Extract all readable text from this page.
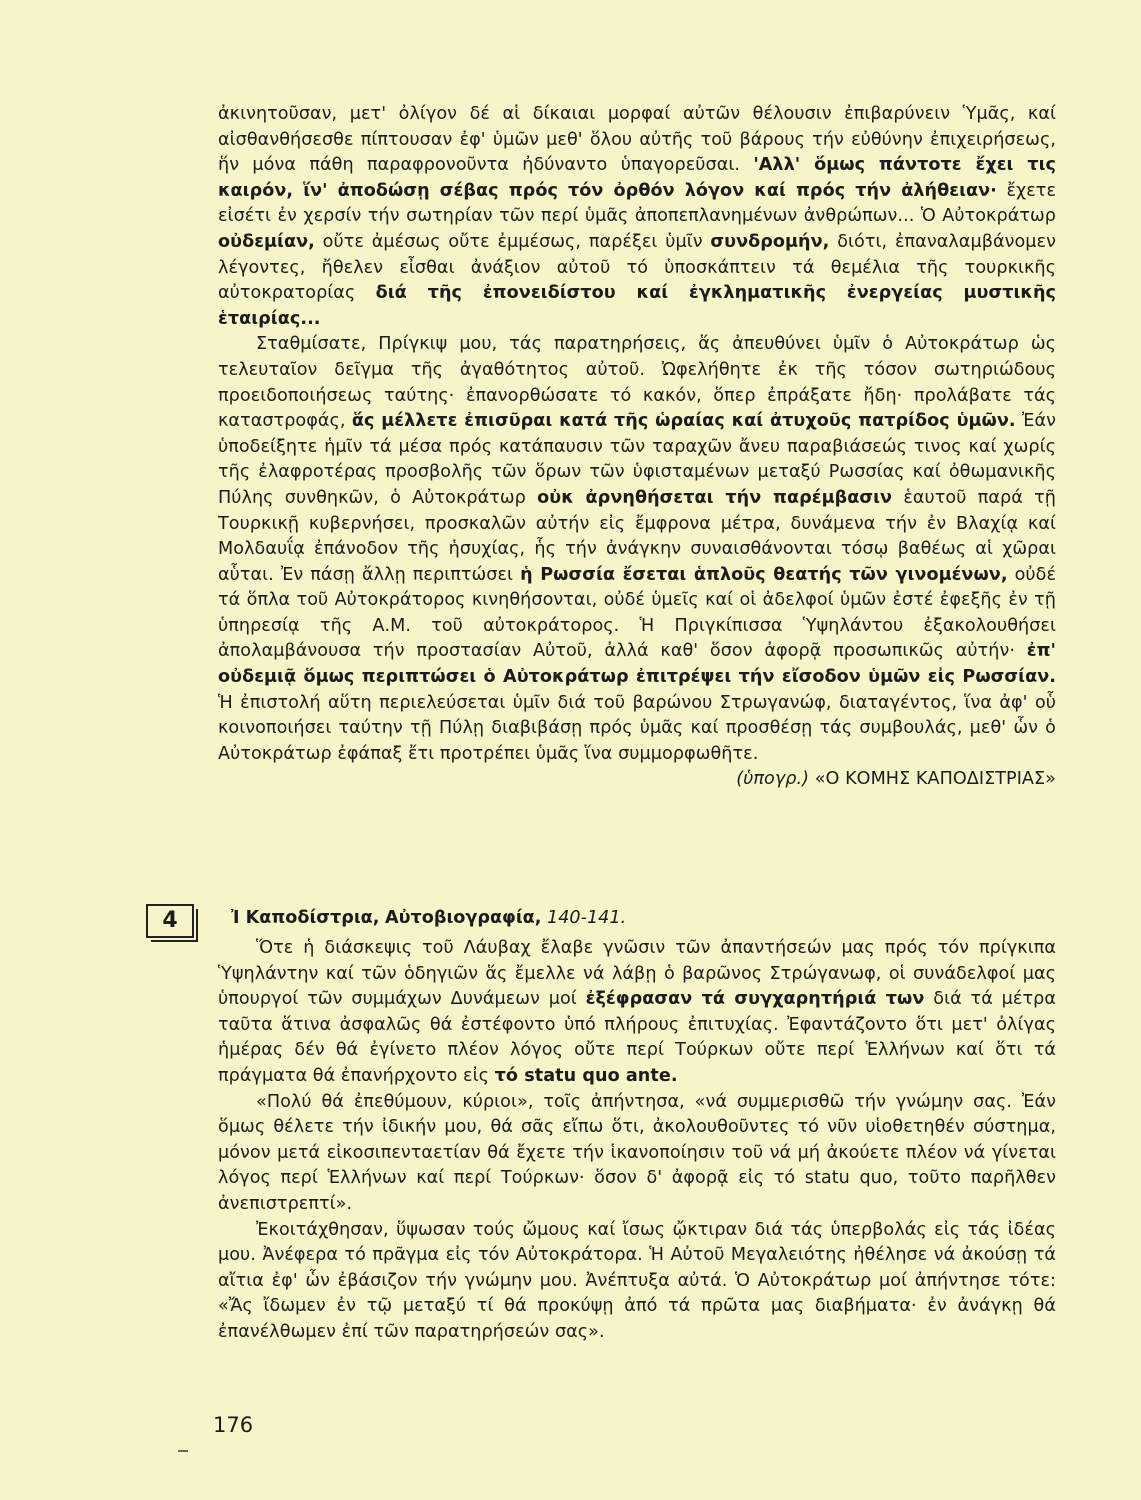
ἀκινητοῦσαν, μετ' ὀλίγον δέ αἱ δίκαιαι μορφαί αὐτῶν θέλουσιν ἐπιβαρύνειν Ὑμᾶς, καί αἰσθανθήσεσθε πίπτουσαν ἐφ' ὑμῶν μεθ' ὅλου αὐτῆς τοῦ βάρους τήν εὐθύνην ἐπιχειρήσεως, ἥν μόνα πάθη παραφρονοῦντα ἠδύναντο ὑπαγορεῦσαι. 'Αλλ' ὅμως πάντοτε ἔχει τις καιρόν, ἵν' ἀποδώσῃ σέβας πρός τόν ὀρθόν λόγον καί πρός τήν ἀλήθειαν· ἔχετε εἰσέτι ἐν χερσίν τήν σωτηρίαν τῶν περί ὑμᾶς ἀποπεπλανημένων ἀνθρώπων... Ὁ Αὐτοκράτωρ οὐδεμίαν, οὔτε ἀμέσως οὔτε ἐμμέσως, παρέξει ὑμῖν συνδρομήν, διότι, ἐπαναλαμβάνομεν λέγοντες, ἤθελεν εἶσθαι ἀνάξιον αὐτοῦ τό ὑποσκάπτειν τά θεμέλια τῆς τουρκικῆς αὐτοκρατορίας διά τῆς ἐπονειδίστου καί ἐγκληματικῆς ἐνεργείας μυστικῆς ἑταιρίας...

Σταθμίσατε, Πρίγκιψ μου, τάς παρατηρήσεις, ἅς ἀπευθύνει ὑμῖν ὁ Αὐτοκράτωρ ὡς τελευταῖον δεῖγμα τῆς ἀγαθότητος αὐτοῦ. Ὠφελήθητε ἐκ τῆς τόσον σωτηριώδους προειδοποιήσεως ταύτης· ἐπανορθώσατε τό κακόν, ὅπερ ἐπράξατε ἤδη· προλάβατε τάς καταστροφάς, ἅς μέλλετε ἐπισῦραι κατά τῆς ὡραίας καί ἀτυχοῦς πατρίδος ὑμῶν. Ἐάν ὑποδείξητε ἡμῖν τά μέσα πρός κατάπαυσιν τῶν ταραχῶν ἄνευ παραβιάσεώς τινος καί χωρίς τῆς ἐλαφροτέρας προσβολῆς τῶν ὅρων τῶν ὑφισταμένων μεταξύ Ρωσσίας καί ὀθωμανικῆς Πύλης συνθηκῶν, ὁ Αὐτοκράτωρ οὐκ ἀρνηθήσεται τήν παρέμβασιν ἑαυτοῦ παρά τῇ Τουρκικῇ κυβερνήσει, προσκαλῶν αὐτήν εἰς ἔμφρονα μέτρα, δυνάμενα τήν ἐν Βλαχίᾳ καί Μολδαυΐᾳ ἐπάνοδον τῆς ἡσυχίας, ἧς τήν ἀνάγκην συναισθάνονται τόσῳ βαθέως αἱ χῶραι αὗται. Ἐν πάσῃ ἄλλῃ περιπτώσει ἡ Ρωσσία ἔσεται ἁπλοῦς θεατής τῶν γινομένων, οὐδέ τά ὅπλα τοῦ Αὐτοκράτορος κινηθήσονται, οὐδέ ὑμεῖς καί οἱ ἀδελφοί ὑμῶν ἐστέ ἐφεξῆς ἐν τῇ ὑπηρεσίᾳ τῆς Α.Μ. τοῦ αὐτοκράτορος. Ἡ Πριγκίπισσα Ὑψηλάντου ἐξακολουθήσει ἀπολαμβάνουσα τήν προστασίαν Αὐτοῦ, ἀλλά καθ' ὅσον ἀφορᾷ προσωπικῶς αὐτήν· ἐπ' οὐδεμιᾷ ὅμως περιπτώσει ὁ Αὐτοκράτωρ ἐπιτρέψει τήν εἴσοδον ὑμῶν εἰς Ρωσσίαν. Ἡ ἐπιστολή αὕτη περιελεύσεται ὑμῖν διά τοῦ βαρώνου Στρωγανώφ, διαταγέντος, ἵνα ἀφ' οὗ κοινοποιήσει ταύτην τῇ Πύλῃ διαβιβάσῃ πρός ὑμᾶς καί προσθέσῃ τάς συμβουλάς, μεθ' ὧν ὁ Αὐτοκράτωρ ἐφάπαξ ἔτι προτρέπει ὑμᾶς ἵνα συμμορφωθῆτε.

(ὑπογρ.) «Ο ΚΟΜΗΣ ΚΑΠΟΔΙΣΤΡΙΑΣ»

4	Ἰ Καποδίστρια, Αὐτοβιογραφία, 140-141.

Ὅτε ἡ διάσκεψις τοῦ Λάυβαχ ἔλαβε γνῶσιν τῶν ἀπαντήσεών μας πρός τόν πρίγκιπα Ὑψηλάντην καί τῶν ὁδηγιῶν ἅς ἔμελλε νά λάβῃ ὁ βαρῶνος Στρώγανωφ, οἱ συνάδελφοί μας ὑπουργοί τῶν συμμάχων Δυνάμεων μοί ἐξέφρασαν τά συγχαρητήριά των διά τά μέτρα ταῦτα ἅτινα ἀσφαλῶς θά ἐστέφοντο ὑπό πλήρους ἐπιτυχίας. Ἐφαντάζοντο ὅτι μετ' ὀλίγας ἡμέρας δέν θά ἐγίνετο πλέον λόγος οὔτε περί Τούρκων οὔτε περί Ἑλλήνων καί ὅτι τά πράγματα θά ἐπανήρχοντο εἰς τό statu quo ante.

«Πολύ θά ἐπεθύμουν, κύριοι», τοῖς ἀπήντησα, «νά συμμερισθῶ τήν γνώμην σας. Ἐάν ὅμως θέλετε τήν ἰδικήν μου, θά σᾶς εἴπω ὅτι, ἀκολουθοῦντες τό νῦν υἱοθετηθέν σύστημα, μόνον μετά εἰκοσιπενταετίαν θά ἔχετε τήν ἱκανοποίησιν τοῦ νά μή ἀκούετε πλέον νά γίνεται λόγος περί Ἑλλήνων καί περί Τούρκων· ὅσον δ' ἀφορᾷ εἰς τό statu quo, τοῦτο παρῆλθεν ἀνεπιστρεπτί».

Ἐκοιτάχθησαν, ὕψωσαν τούς ὤμους καί ἴσως ᾤκτιραν διά τάς ὑπερβολάς εἰς τάς ἰδέας μου. Ἀνέφερα τό πρᾶγμα εἰς τόν Αὐτοκράτορα. Ἡ Αὐτοῦ Μεγαλειότης ἠθέλησε νά ἀκούσῃ τά αἴτια ἐφ' ὧν ἐβάσιζον τήν γνώμην μου. Ἀνέπτυξα αὐτά. Ὁ Αὐτοκράτωρ μοί ἀπήντησε τότε: «Ἄς ἴδωμεν ἐν τῷ μεταξύ τί θά προκύψῃ ἀπό τά πρῶτα μας διαβήματα· ἐν ἀνάγκῃ θά ἐπανέλθωμεν ἐπί τῶν παρατηρήσεών σας».

176
